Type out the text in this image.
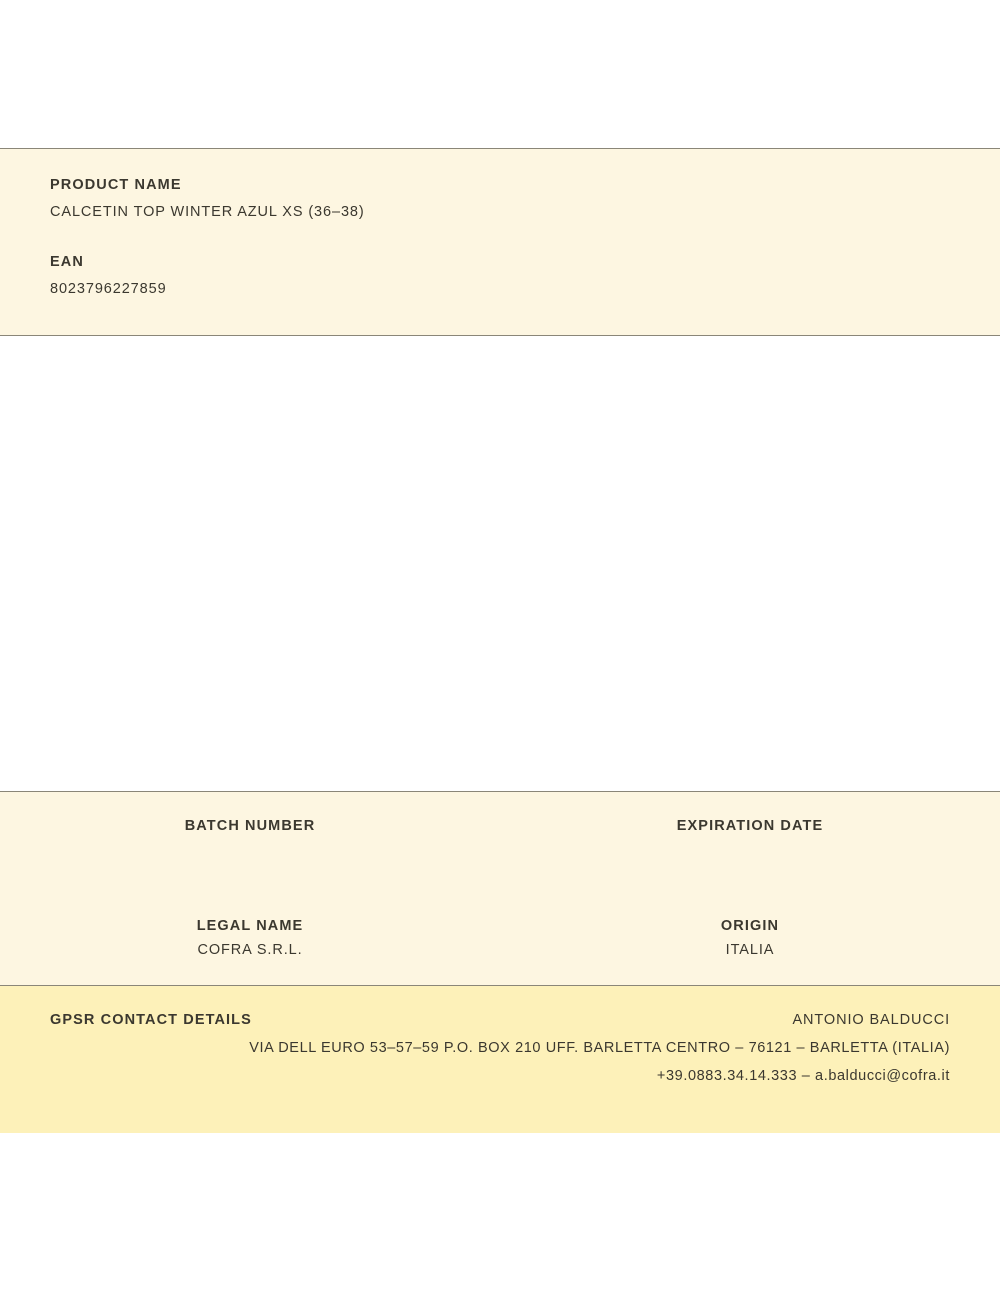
PRODUCT NAME
CALCETIN TOP WINTER AZUL XS (36–38)
EAN
8023796227859
BATCH NUMBER	EXPIRATION DATE
LEGAL NAME
COFRA S.R.L.
ORIGIN
ITALIA
GPSR CONTACT DETAILS	ANTONIO BALDUCCI
VIA DELL EURO 53–57–59 P.O. BOX 210 UFF. BARLETTA CENTRO – 76121 – BARLETTA (ITALIA)
+39.0883.34.14.333 – a.balducci@cofra.it
